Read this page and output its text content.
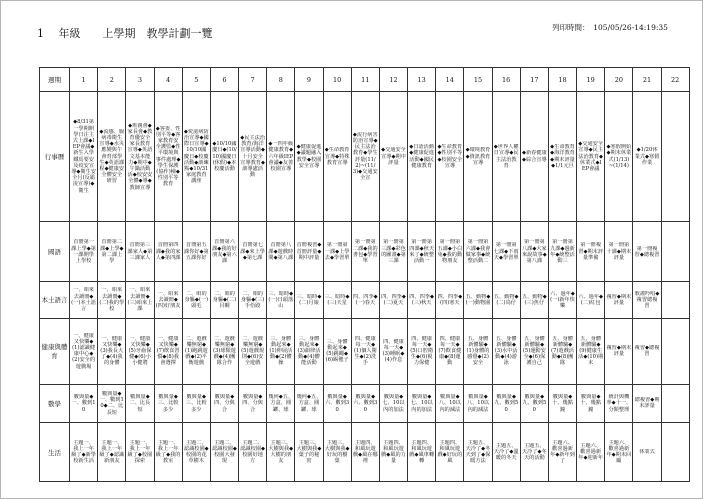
1 　年級　　上學期　教學計劃一覽	列印時間：　105/05/26-14:19:35
週期	1	2	3	4	5	6	7	8	9	10	11	12	13	14	15	16	17	18	19	20	21	22
行事曆	◆8/31第一學期開學日注主式上課◆IEP會議◆新生入學鐵馬要安及疫安宣導◆衛生安全月(反霸凌宣導)◆衛生	◆流感、腸病毒衛生宣導◆水災應變與午會育部學生◆英語課程◆健康安全體安全研習	◆班親會◆家長會◆教育優安全家長教育宣導◆英語文基本能力◆期中◆午鍋活動活◆校安安全體◆導◆教師宣導	◆客委、性別平等◆客家教育安全護監◆性平環境與事件處理◆學生保護(協作)檢◆性別平等教育	◆愛滋病防治宣導◆國際日宣導◆10/10國慶日◆校慶活動◆訓練點◆10/31家庭教育講座	◆10/10國慶日◆(10/10)國慶日(休假)◆本校慶活動	◆民主法治教育/海洋宣導活動◆十月安全宣導教育◆訓導處活動	◆一四年級健康教育◆六年級IEP會議◆友善校園宣導	◆健康促進◆議題融入教學◆校園安全宣導	◆生命教育宣導◆特殊教育宣導	◆流行病害防治宣導◆民主法治教育◆學生評量(11/2)~(11/3)◆交通安全宣	◆交通安全宣導◆期中評量	◆日語活動◆健康促進活動◆國民健康教育	◆生命教育◆性別平等◆校園安全宣導	◆環境教育◆資訊教育宣導	◆世界人權日宣導◆民主法治教育	◆新春健康◆綜合宣導	◆生命教育◆海洋教育◆期末評量◆1/1元旦	◆交通安全宣導◆民主法治教育◆休業式◆IEP會議	◆寒假開始◆期末休業式(1/13)~(1/14)	◆1/20休業式◆寒假作業	

國語	首冊第一課上學◆第一課開學上學校	首冊第二課◆上學◆第二課上學	首冊第三課家人◆第三課家人	首冊第四課◆我的家人◆第四課	首冊第五課你好◆第五課你好	首冊第六課◆我的好朋友◆第六課	首冊第七課◆來上學◆第七課	首冊第八課◆遊戲時間◆第八課	首冊複習◆首冊評量◆期中評量	第一冊第一課◆上學去◆學習單	第一冊第二課◆我的書包◆學習單	第一冊第三課◆彩色的圖畫◆第三課	第一冊第四課◆秋天來了◆統整活動一	第一冊第五課◆小白兔◆我的動物朋友	第一冊第六課◆我會做家事◆統整活動二	第一冊第七課◆下雨天◆學習單	第一冊第八課◆大家來說故事◆第八課	第一冊第九課◆過新年◆統整活動三	第一冊複習◆期末評量準備	第一冊第十課◆期末評量	第一冊複習◆總複習	

本土語言	一、咱來去讀冊◆(一)本土語言	一、咱來去讀冊◆(二)我的學校	一、咱來去讀冊◆(三)咱來上課	一、咱來去讀冊◆(四)好朋友	二、咱的身軀◆(一)頭毛	二、咱的身軀◆(二)目睭	二、咱的身軀◆(三)手佮跤	三、暗時◆(一)日頭落山	三、暗時◆(二)月娘	三、暗時◆(三)天星	四、四季◆(一)春天	四、四季◆(二)夏天	四、四季◆(三)秋天	四、四季◆(四)寒天	五、動物◆(一)動物園	五、動物◆(二)鳥仔	五、動物◆(三)魚仔	六、過年◆(一)新年快樂	六、過年◆(二)紅包	複習◆期末評量	歌謠吟唱◆複習總複習	

健康與體育	一、健康又快樂◆(1)認識健康中心◆(2)安全的遊戲場	一、健康又快樂◆(3)我長大了◆(4)我的身體	一、健康又快樂◆(5)牙齒保健◆(6)小小健將	一、健康又快樂◆(7)飲食習慣◆(8)我會選擇	二、遊戲樂無窮◆(1)跑跳遊戲◆(2)平衡遊戲	二、遊戲樂無窮◆(3)球類遊戲◆(4)團隊合作	二、遊戲樂無窮◆(5)遊戲規則◆(6)安全遊戲	三、身體動起來◆(1)伸展活動◆(2)體操	三、身體動起來◆(3)韻律活動◆(4)體能活動	三、身體動起來◆(5)跳繩◆(6)踢毽子	四、健康每一天◆(1)個人衛生◆(2)洗手	四、健康每一天◆(3)睡眠◆(4)作息	四、健康每一天◆(5)口腔衛生◆(6)視力保健	四、健康每一天◆(7)飲食健康◆(8)運動	五、身體新體驗◆(1)身體的感覺◆(2)安全	五、身體新體驗◆(3)水中活動◆(4)游泳	五、身體新體驗◆(5)運動安全◆(6)保護自己	五、身體新體驗◆(7)遊戲活動◆(8)團隊	五、身體新體驗◆(9)健康生活◆(10)期末	複習◆期末評量	複習◆總複習	

數學	數與量◆一、數到10	數與量◆一、數到10◆二、比長短	數與量◆二、比長短	數與量◆三、比較多少	數與量◆三、比較多少	數與量◆四、分與合	數與量◆四、分與合	幾何◆五、方盒、圓罐、球	幾何◆五、方盒、圓罐、球	數與量◆六、數到30	數與量◆六、數到30	數與量◆七、10以內的加法	數與量◆七、10以內的加法	數與量◆八、10以內的減法	數與量◆八、10以內的減法	數與量◆九、數到50	數與量◆九、數到50	數與量◆十、幾點鐘	數與量◆十、幾點鐘	統計與機率◆十一、分類整理	總複習◆期末評量	

生活	主題一、我上一年級了◆新學校新生活	主題一、我上一年級了◆認識新朋友	主題一、我上一年級了◆校園探索	主題一、我上一年級了◆我的教室	主題二、認識校園◆校園的花草樹木	主題二、認識校園◆校園大發現	主題二、認識校園◆校園好地方	主題三、大樹與我◆大樹的朋友	主題三、大樹與我◆葉子的秘密	主題三、大樹與我◆好玩的樹葉	主題四、和風玩遊戲◆風在哪裡	主題四、和風玩遊戲◆風的力量	主題四、和風玩遊戲◆風車轉轉	主題四、和風玩遊戲◆好玩的風	主題五、天冷了◆冬天到了◆保暖方法	主題五、天冷了◆溫暖的冬天	主題五、天冷了◆冬天的活動	主題六、歡喜過新年◆新年到了	主題六、歡喜過新年◆迎新年	主題六、歡喜過新年◆期末回顧	休業式	
